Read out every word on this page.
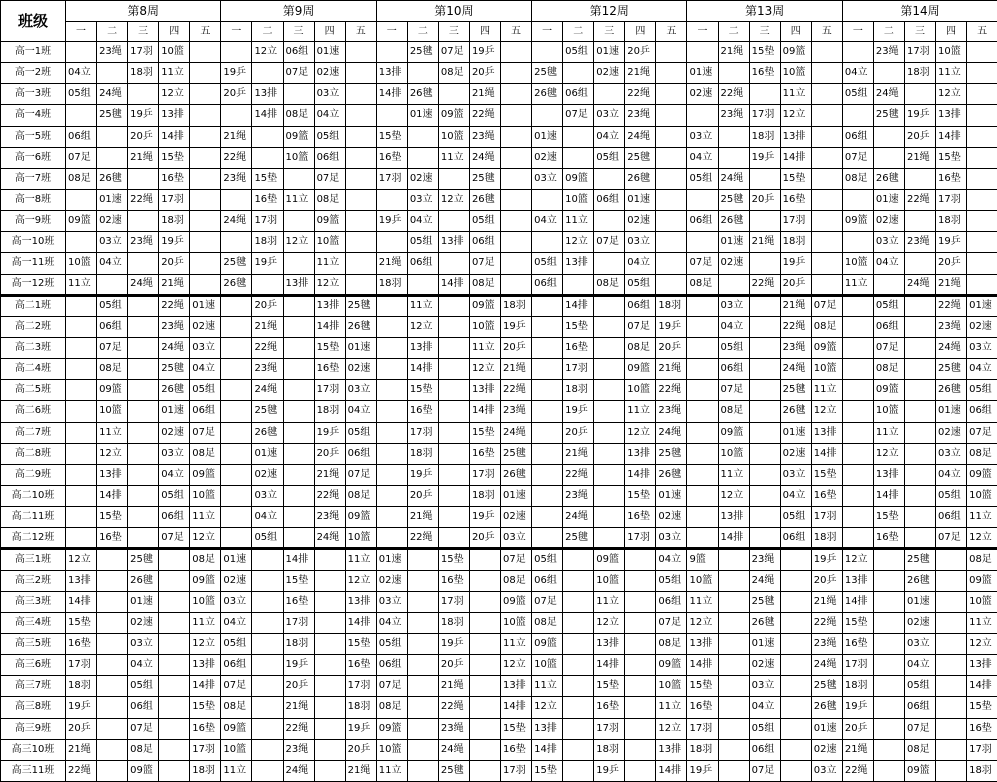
班级	第8周					第9周					第10周					第12周					第13周					第14周				
	一	二	三	四	五	一	二	三	四	五	一	二	三	四	五	一	二	三	四	五	一	二	三	四	五	一	二	三	四	五
高一1班		23绳	17羽	10篮			12立	06组	01速			25毽	07足	19乒			05组	01速	20乒			21绳	15垫	09篮			23绳	17羽	10篮	
高一2班	04立		18羽	11立		19乒		07足	02速		13排		08足	20乒		25毽		02速	21绳		01速		16垫	10篮		04立		18羽	11立	
高一3班	05组	24绳		12立		20乒	13排		03立		14排	26毽		21绳		26毽	06组		22绳		02速	22绳		11立		05组	24绳		12立	
高一4班		25毽	19乒	13排			14排	08足	04立			01速	09篮	22绳			07足	03立	23绳			23绳	17羽	12立			25毽	19乒	13排	
高一5班	06组		20乒	14排		21绳		09篮	05组		15垫		10篮	23绳		01速		04立	24绳		03立		18羽	13排		06组		20乒	14排	
高一6班	07足		21绳	15垫		22绳		10篮	06组		16垫		11立	24绳		02速		05组	25毽		04立		19乒	14排		07足		21绳	15垫	
高一7班	08足	26毽		16垫		23绳	15垫		07足		17羽	02速		25毽		03立	09篮		26毽		05组	24绳		15垫		08足	26毽		16垫	
高一8班		01速	22绳	17羽			16垫	11立	08足			03立	12立	26毽			10篮	06组	01速			25毽	20乒	16垫			01速	22绳	17羽	
高一9班	09篮	02速		18羽		24绳	17羽		09篮		19乒	04立		05组		04立	11立		02速		06组	26毽		17羽		09篮	02速		18羽	
高一10班		03立	23绳	19乒			18羽	12立	10篮			05组	13排	06组			12立	07足	03立			01速	21绳	18羽			03立	23绳	19乒	
高一11班	10篮	04立		20乒		25毽	19乒		11立		21绳	06组		07足		05组	13排		04立		07足	02速		19乒		10篮	04立		20乒	
高一12班	11立		24绳	21绳		26毽		13排	12立		18羽		14排	08足		06组		08足	05组		08足		22绳	20乒		11立		24绳	21绳	
高二1班		05组		22绳	01速		20乒		13排	25毽		11立		09篮	18羽		14排		06组	18羽		03立		21绳	07足		05组		22绳	01速
高二2班		06组		23绳	02速		21绳		14排	26毽		12立		10篮	19乒		15垫		07足	19乒		04立		22绳	08足		06组		23绳	02速
高二3班		07足		24绳	03立		22绳		15垫	01速		13排		11立	20乒		16垫		08足	20乒		05组		23绳	09篮		07足		24绳	03立
高二4班		08足		25毽	04立		23绳		16垫	02速		14排		12立	21绳		17羽		09篮	21绳		06组		24绳	10篮		08足		25毽	04立
高二5班		09篮		26毽	05组		24绳		17羽	03立		15垫		13排	22绳		18羽		10篮	22绳		07足		25毽	11立		09篮		26毽	05组
高二6班		10篮		01速	06组		25毽		18羽	04立		16垫		14排	23绳		19乒		11立	23绳		08足		26毽	12立		10篮		01速	06组
高二7班		11立		02速	07足		26毽		19乒	05组		17羽		15垫	24绳		20乒		12立	24绳		09篮		01速	13排		11立		02速	07足
高二8班		12立		03立	08足		01速		20乒	06组		18羽		16垫	25毽		21绳		13排	25毽		10篮		02速	14排		12立		03立	08足
高二9班		13排		04立	09篮		02速		21绳	07足		19乒		17羽	26毽		22绳		14排	26毽		11立		03立	15垫		13排		04立	09篮
高二10班		14排		05组	10篮		03立		22绳	08足		20乒		18羽	01速		23绳		15垫	01速		12立		04立	16垫		14排		05组	10篮
高二11班		15垫		06组	11立		04立		23绳	09篮		21绳		19乒	02速		24绳		16垫	02速		13排		05组	17羽		15垫		06组	11立
高二12班		16垫		07足	12立		05组		24绳	10篮		22绳		20乒	03立		25毽		17羽	03立		14排		06组	18羽		16垫		07足	12立
高三1班	12立		25毽		08足	01速		14排		11立	01速		15垫		07足	05组		09篮		04立	9篮		23绳		19乒	12立		25毽		08足
高三2班	13排		26毽		09篮	02速		15垫		12立	02速		16垫		08足	06组		10篮		05组	10篮		24绳		20乒	13排		26毽		09篮
高三3班	14排		01速		10篮	03立		16垫		13排	03立		17羽		09篮	07足		11立		06组	11立		25毽		21绳	14排		01速		10篮
高三4班	15垫		02速		11立	04立		17羽		14排	04立		18羽		10篮	08足		12立		07足	12立		26毽		22绳	15垫		02速		11立
高三5班	16垫		03立		12立	05组		18羽		15垫	05组		19乒		11立	09篮		13排		08足	13排		01速		23绳	16垫		03立		12立
高三6班	17羽		04立		13排	06组		19乒		16垫	06组		20乒		12立	10篮		14排		09篮	14排		02速		24绳	17羽		04立		13排
高三7班	18羽		05组		14排	07足		20乒		17羽	07足		21绳		13排	11立		15垫		10篮	15垫		03立		25毽	18羽		05组		14排
高三8班	19乒		06组		15垫	08足		21绳		18羽	08足		22绳		14排	12立		16垫		11立	16垫		04立		26毽	19乒		06组		15垫
高三9班	20乒		07足		16垫	09篮		22绳		19乒	09篮		23绳		15垫	13排		17羽		12立	17羽		05组		01速	20乒		07足		16垫
高三10班	21绳		08足		17羽	10篮		23绳		20乒	10篮		24绳		16垫	14排		18羽		13排	18羽		06组		02速	21绳		08足		17羽
高三11班	22绳		09篮		18羽	11立		24绳		21绳	11立		25毽		17羽	15垫		19乒		14排	19乒		07足		03立	22绳		09篮		18羽
